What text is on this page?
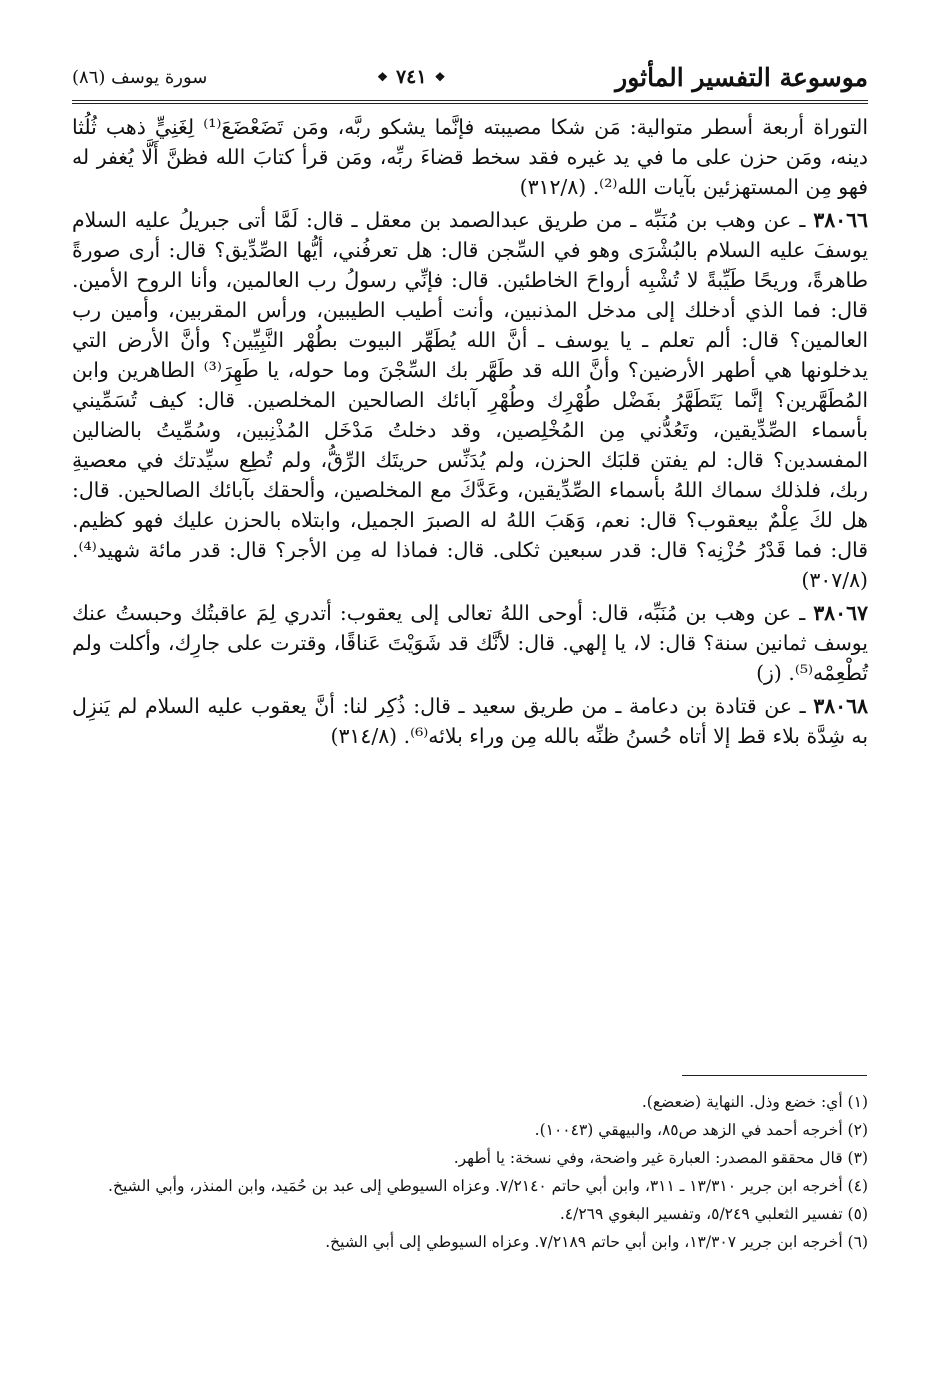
موسوعة التفسير المأثور
❖
٧٤١
❖
سورة يوسف (٨٦)

التوراة أربعة أسطر متوالية: مَن شكا مصيبته فإنَّما يشكو ربَّه، ومَن تَضَعْضَعَ⁽¹⁾ لِغَنِيٍّ ذهب ثُلُثا دينه، ومَن حزن على ما في يد غيره فقد سخط قضاءَ ربِّه، ومَن قرأ كتابَ الله فظنَّ أَلَّا يُغفر له فهو مِن المستهزئين بآيات الله⁽²⁾. (٣١٢/٨)

٣٨٠٦٦ ـ عن وهب بن مُنَبِّه ـ من طريق عبدالصمد بن معقل ـ قال: لَمَّا أتى جبريلُ عليه السلام يوسفَ عليه السلام بالبُشْرَى وهو في السِّجن قال: هل تعرفُني، أيُّها الصِّدِّيق؟ قال: أرى صورةً طاهرةً، وريحًا طَيِّبةً لا تُشْبِه أرواحَ الخاطئين. قال: فإنِّي رسولُ رب العالمين، وأنا الروح الأمين. قال: فما الذي أدخلك إلى مدخل المذنبين، وأنت أطيب الطيبين، ورأس المقربين، وأمين رب العالمين؟ قال: ألم تعلم ـ يا يوسف ـ أنَّ الله يُطَهِّر البيوت بطُهْر النَّبِيِّين؟ وأنَّ الأرض التي يدخلونها هي أطهر الأرضين؟ وأنَّ الله قد طَهَّر بك السِّجْنَ وما حوله، يا طَهِرَ⁽³⁾ الطاهرين وابن المُطَهَّرين؟ إنَّما يَتَطَهَّرُ بفَضْل طُهْرِك وطُهْرِ آبائك الصالحين المخلصين. قال: كيف تُسَمِّيني بأسماء الصِّدِّيقين، وتَعُدُّني مِن المُخْلِصين، وقد دخلتُ مَدْخَل المُذْنِبين، وسُمِّيتُ بالضالين المفسدين؟ قال: لم يفتن قلبَك الحزن، ولم يُدَنِّس حريتَك الرِّقُّ، ولم تُطِع سيِّدتك في معصيةِ ربك، فلذلك سماك اللهُ بأسماء الصِّدِّيقين، وعَدَّكَ مع المخلصين، وألحقك بآبائك الصالحين. قال: هل لكَ عِلْمٌ بيعقوب؟ قال: نعم، وَهَبَ اللهُ له الصبرَ الجميل، وابتلاه بالحزن عليك فهو كظيم. قال: فما قَدْرُ حُزْنِه؟ قال: قدر سبعين ثكلى. قال: فماذا له مِن الأجر؟ قال: قدر مائة شهيد⁽⁴⁾. (٣٠٧/٨)

٣٨٠٦٧ ـ عن وهب بن مُنَبِّه، قال: أوحى اللهُ تعالى إلى يعقوب: أتدري لِمَ عاقبتُك وحبستُ عنك يوسف ثمانين سنة؟ قال: لا، يا إلهي. قال: لأنَّك قد شَوَيْتَ عَناقًا، وقترت على جارِك، وأكلت ولم تُطْعِمْه⁽⁵⁾. (ز)

٣٨٠٦٨ ـ عن قتادة بن دعامة ـ من طريق سعيد ـ قال: ذُكِر لنا: أنَّ يعقوب عليه السلام لم يَنزِل به شِدَّة بلاء قط إلا أتاه حُسنُ ظنِّه بالله مِن وراء بلائه⁽⁶⁾. (٣١٤/٨)

(١) أي: خضع وذل. النهاية (ضعضع).

(٢) أخرجه أحمد في الزهد ص٨٥، والبيهقي (١٠٠٤٣).

(٣) قال محققو المصدر: العبارة غير واضحة، وفي نسخة: يا أطهر.

(٤) أخرجه ابن جرير ١٣/٣١٠ ـ ٣١١، وابن أبي حاتم ٧/٢١٤٠. وعزاه السيوطي إلى عبد بن حُمَيد، وابن المنذر، وأبي الشيخ.

(٥) تفسير الثعلبي ٥/٢٤٩، وتفسير البغوي ٤/٢٦٩.

(٦) أخرجه ابن جرير ١٣/٣٠٧، وابن أبي حاتم ٧/٢١٨٩. وعزاه السيوطي إلى أبي الشيخ.
